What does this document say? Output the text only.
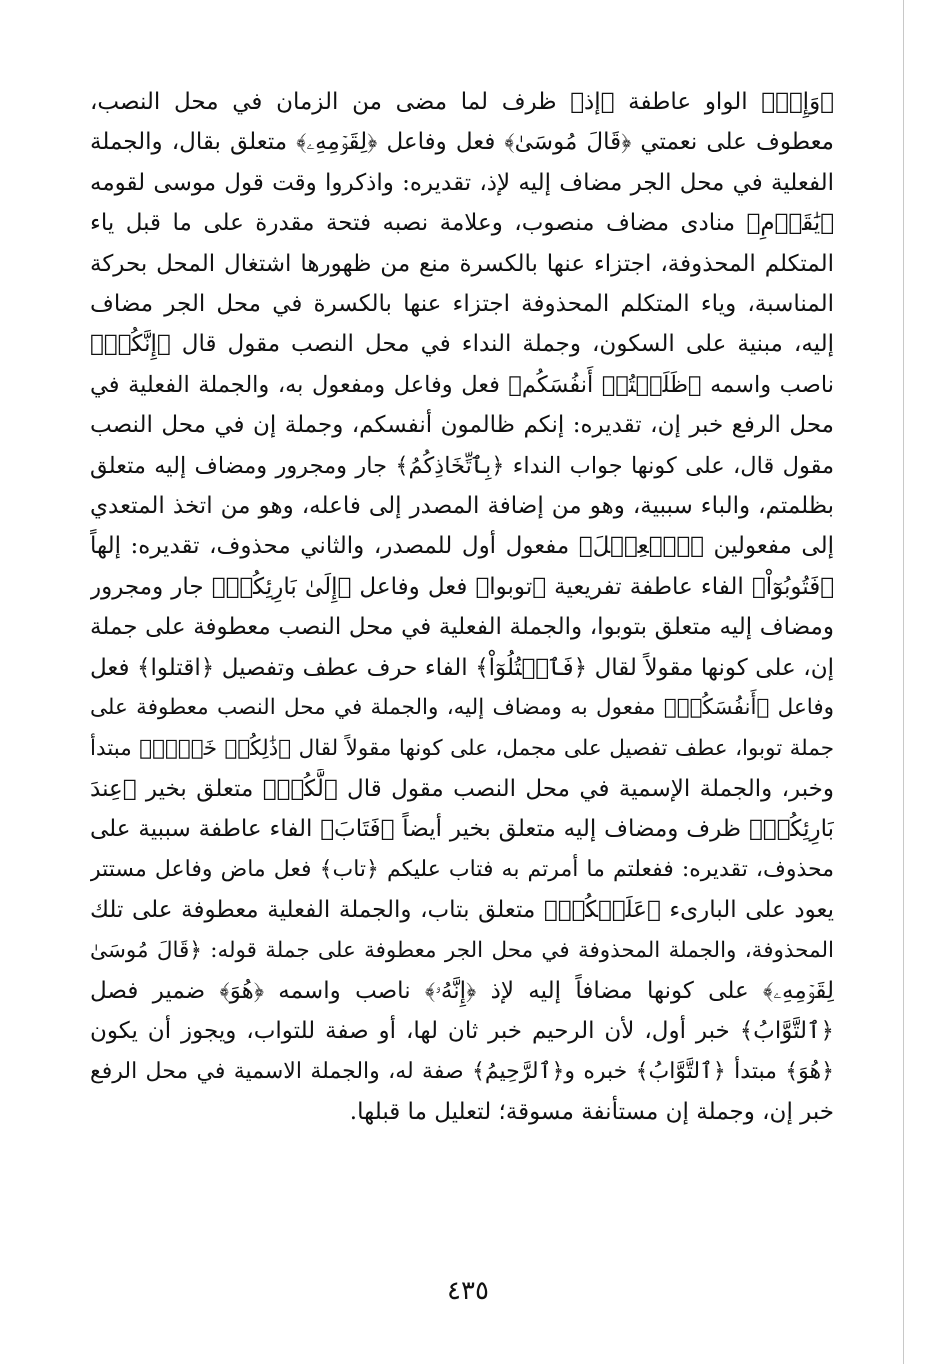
﴿وَإِذۡ﴾ الواو عاطفة ﴿إذ﴾ ظرف لما مضى من الزمان في محل النصب،
معطوف على نعمتي ﴿قَالَ مُوسَىٰ﴾ فعل وفاعل ﴿لِقَوۡمِهِۦ﴾ متعلق بقال، والجملة
الفعلية في محل الجر مضاف إليه لإذ، تقديره: واذكروا وقت قول موسى لقومه
﴿يَٰقَوۡمِ﴾ منادى مضاف منصوب، وعلامة نصبه فتحة مقدرة على ما قبل ياء
المتكلم المحذوفة، اجتزاء عنها بالكسرة منع من ظهورها اشتغال المحل بحركة
المناسبة، وياء المتكلم المحذوفة اجتزاء عنها بالكسرة في محل الجر مضاف
إليه، مبنية على السكون، وجملة النداء في محل النصب مقول قال ﴿إِنَّكُمۡ﴾
ناصب واسمه ﴿ظَلَمۡتُمۡ أَنفُسَكُم﴾ فعل وفاعل ومفعول به، والجملة الفعلية في
محل الرفع خبر إن، تقديره: إنكم ظالمون أنفسكم، وجملة إن في محل النصب
مقول قال، على كونها جواب النداء ﴿بِٱتِّخَاذِكُمُ﴾ جار ومجرور ومضاف إليه متعلق
بظلمتم، والباء سببية، وهو من إضافة المصدر إلى فاعله، وهو من اتخذ المتعدي
إلى مفعولين ﴿ٱلۡعِجۡلَ﴾ مفعول أول للمصدر، والثاني محذوف، تقديره: إلهاً
﴿فَتُوبُوٓاْ﴾ الفاء عاطفة تفريعية ﴿توبوا﴾ فعل وفاعل ﴿إِلَىٰ بَارِئِكُمۡ﴾ جار ومجرور
ومضاف إليه متعلق بتوبوا، والجملة الفعلية في محل النصب معطوفة على جملة
إن، على كونها مقولاً لقال ﴿فَٱقۡتُلُوٓاْ﴾ الفاء حرف عطف وتفصيل ﴿اقتلوا﴾ فعل
وفاعل ﴿أَنفُسَكُمۡ﴾ مفعول به ومضاف إليه، والجملة في محل النصب معطوفة على
جملة توبوا، عطف تفصيل على مجمل، على كونها مقولاً لقال ﴿ذَٰلِكُمۡ خَيۡرٞ﴾ مبتدأ
وخبر، والجملة الإسمية في محل النصب مقول قال ﴿لَّكُمۡ﴾ متعلق بخير ﴿عِندَ
بَارِئِكُمۡ﴾ ظرف ومضاف إليه متعلق بخير أيضاً ﴿فَتَابَ﴾ الفاء عاطفة سببية على
محذوف، تقديره: ففعلتم ما أمرتم به فتاب عليكم ﴿تاب﴾ فعل ماض وفاعل مستتر
يعود على البارىء ﴿عَلَيۡكُمۡ﴾ متعلق بتاب، والجملة الفعلية معطوفة على تلك
المحذوفة، والجملة المحذوفة في محل الجر معطوفة على جملة قوله: ﴿قَالَ مُوسَىٰ
لِقَوۡمِهِۦ﴾ على كونها مضافاً إليه لإذ ﴿إِنَّهُۥ﴾ ناصب واسمه ﴿هُوَ﴾ ضمير فصل
﴿ٱلتَّوَّابُ﴾ خبر أول، لأن الرحيم خبر ثان لها، أو صفة للتواب، ويجوز أن يكون
﴿هُوَ﴾ مبتدأ ﴿ٱلتَّوَّابُ﴾ خبره و﴿ٱلرَّحِيمُ﴾ صفة له، والجملة الاسمية في محل الرفع
خبر إن، وجملة إن مستأنفة مسوقة؛ لتعليل ما قبلها.
٤٣٥
